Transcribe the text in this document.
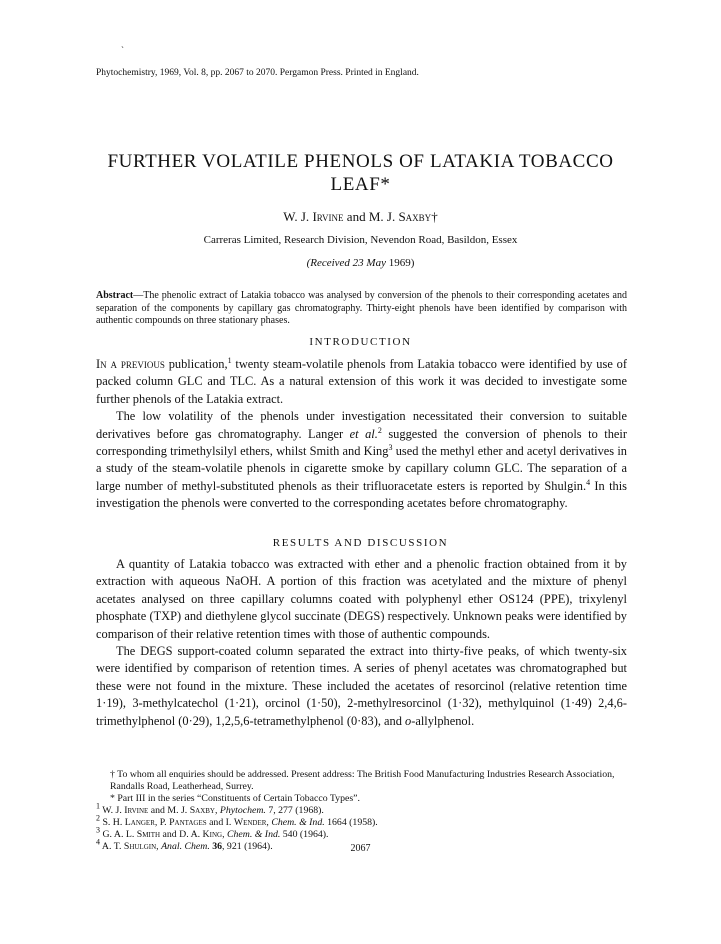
`
Phytochemistry, 1969, Vol. 8, pp. 2067 to 2070. Pergamon Press. Printed in England.
FURTHER VOLATILE PHENOLS OF LATAKIA TOBACCO LEAF*
W. J. Irvine and M. J. Saxby†
Carreras Limited, Research Division, Nevendon Road, Basildon, Essex
(Received 23 May 1969)
Abstract—The phenolic extract of Latakia tobacco was analysed by conversion of the phenols to their corresponding acetates and separation of the components by capillary gas chromatography. Thirty-eight phenols have been identified by comparison with authentic compounds on three stationary phases.
INTRODUCTION

In a previous publication,$^1$ twenty steam-volatile phenols from Latakia tobacco were identified by use of packed column GLC and TLC. As a natural extension of this work it was decided to investigate some further phenols of the Latakia extract.

The low volatility of the phenols under investigation necessitated their conversion to suitable derivatives before gas chromatography. Langer et al.$^2$ suggested the conversion of phenols to their corresponding trimethylsilyl ethers, whilst Smith and King$^3$ used the methyl ether and acetyl derivatives in a study of the steam-volatile phenols in cigarette smoke by capillary column GLC. The separation of a large number of methyl-substituted phenols as their trifluoracetate esters is reported by Shulgin.$^4$ In this investigation the phenols were converted to the corresponding acetates before chromatography.

RESULTS AND DISCUSSION

A quantity of Latakia tobacco was extracted with ether and a phenolic fraction obtained from it by extraction with aqueous NaOH. A portion of this fraction was acetylated and the mixture of phenyl acetates analysed on three capillary columns coated with polyphenyl ether OS124 (PPE), trixylenyl phosphate (TXP) and diethylene glycol succinate (DEGS) respectively. Unknown peaks were identified by comparison of their relative retention times with those of authentic compounds.

The DEGS support-coated column separated the extract into thirty-five peaks, of which twenty-six were identified by comparison of retention times. A series of phenyl acetates was chromatographed but these were not found in the mixture. These included the acetates of resorcinol (relative retention time 1·19), 3-methylcatechol (1·21), orcinol (1·50), 2-methylresorcinol (1·32), methylquinol (1·49) 2,4,6-trimethylphenol (0·29), 1,2,5,6-tetramethylphenol (0·83), and o-allylphenol.

† To whom all enquiries should be addressed. Present address: The British Food Manufacturing Industries Research Association, Randalls Road, Leatherhead, Surrey.
* Part III in the series “Constituents of Certain Tobacco Types”.
$^1$ W. J. Irvine and M. J. Saxby, Phytochem. 7, 277 (1968).
$^2$ S. H. Langer, P. Pantages and I. Wender, Chem. & Ind. 1664 (1958).
$^3$ G. A. L. Smith and D. A. King, Chem. & Ind. 540 (1964).
$^4$ A. T. Shulgin, Anal. Chem. 36, 921 (1964).	2067
